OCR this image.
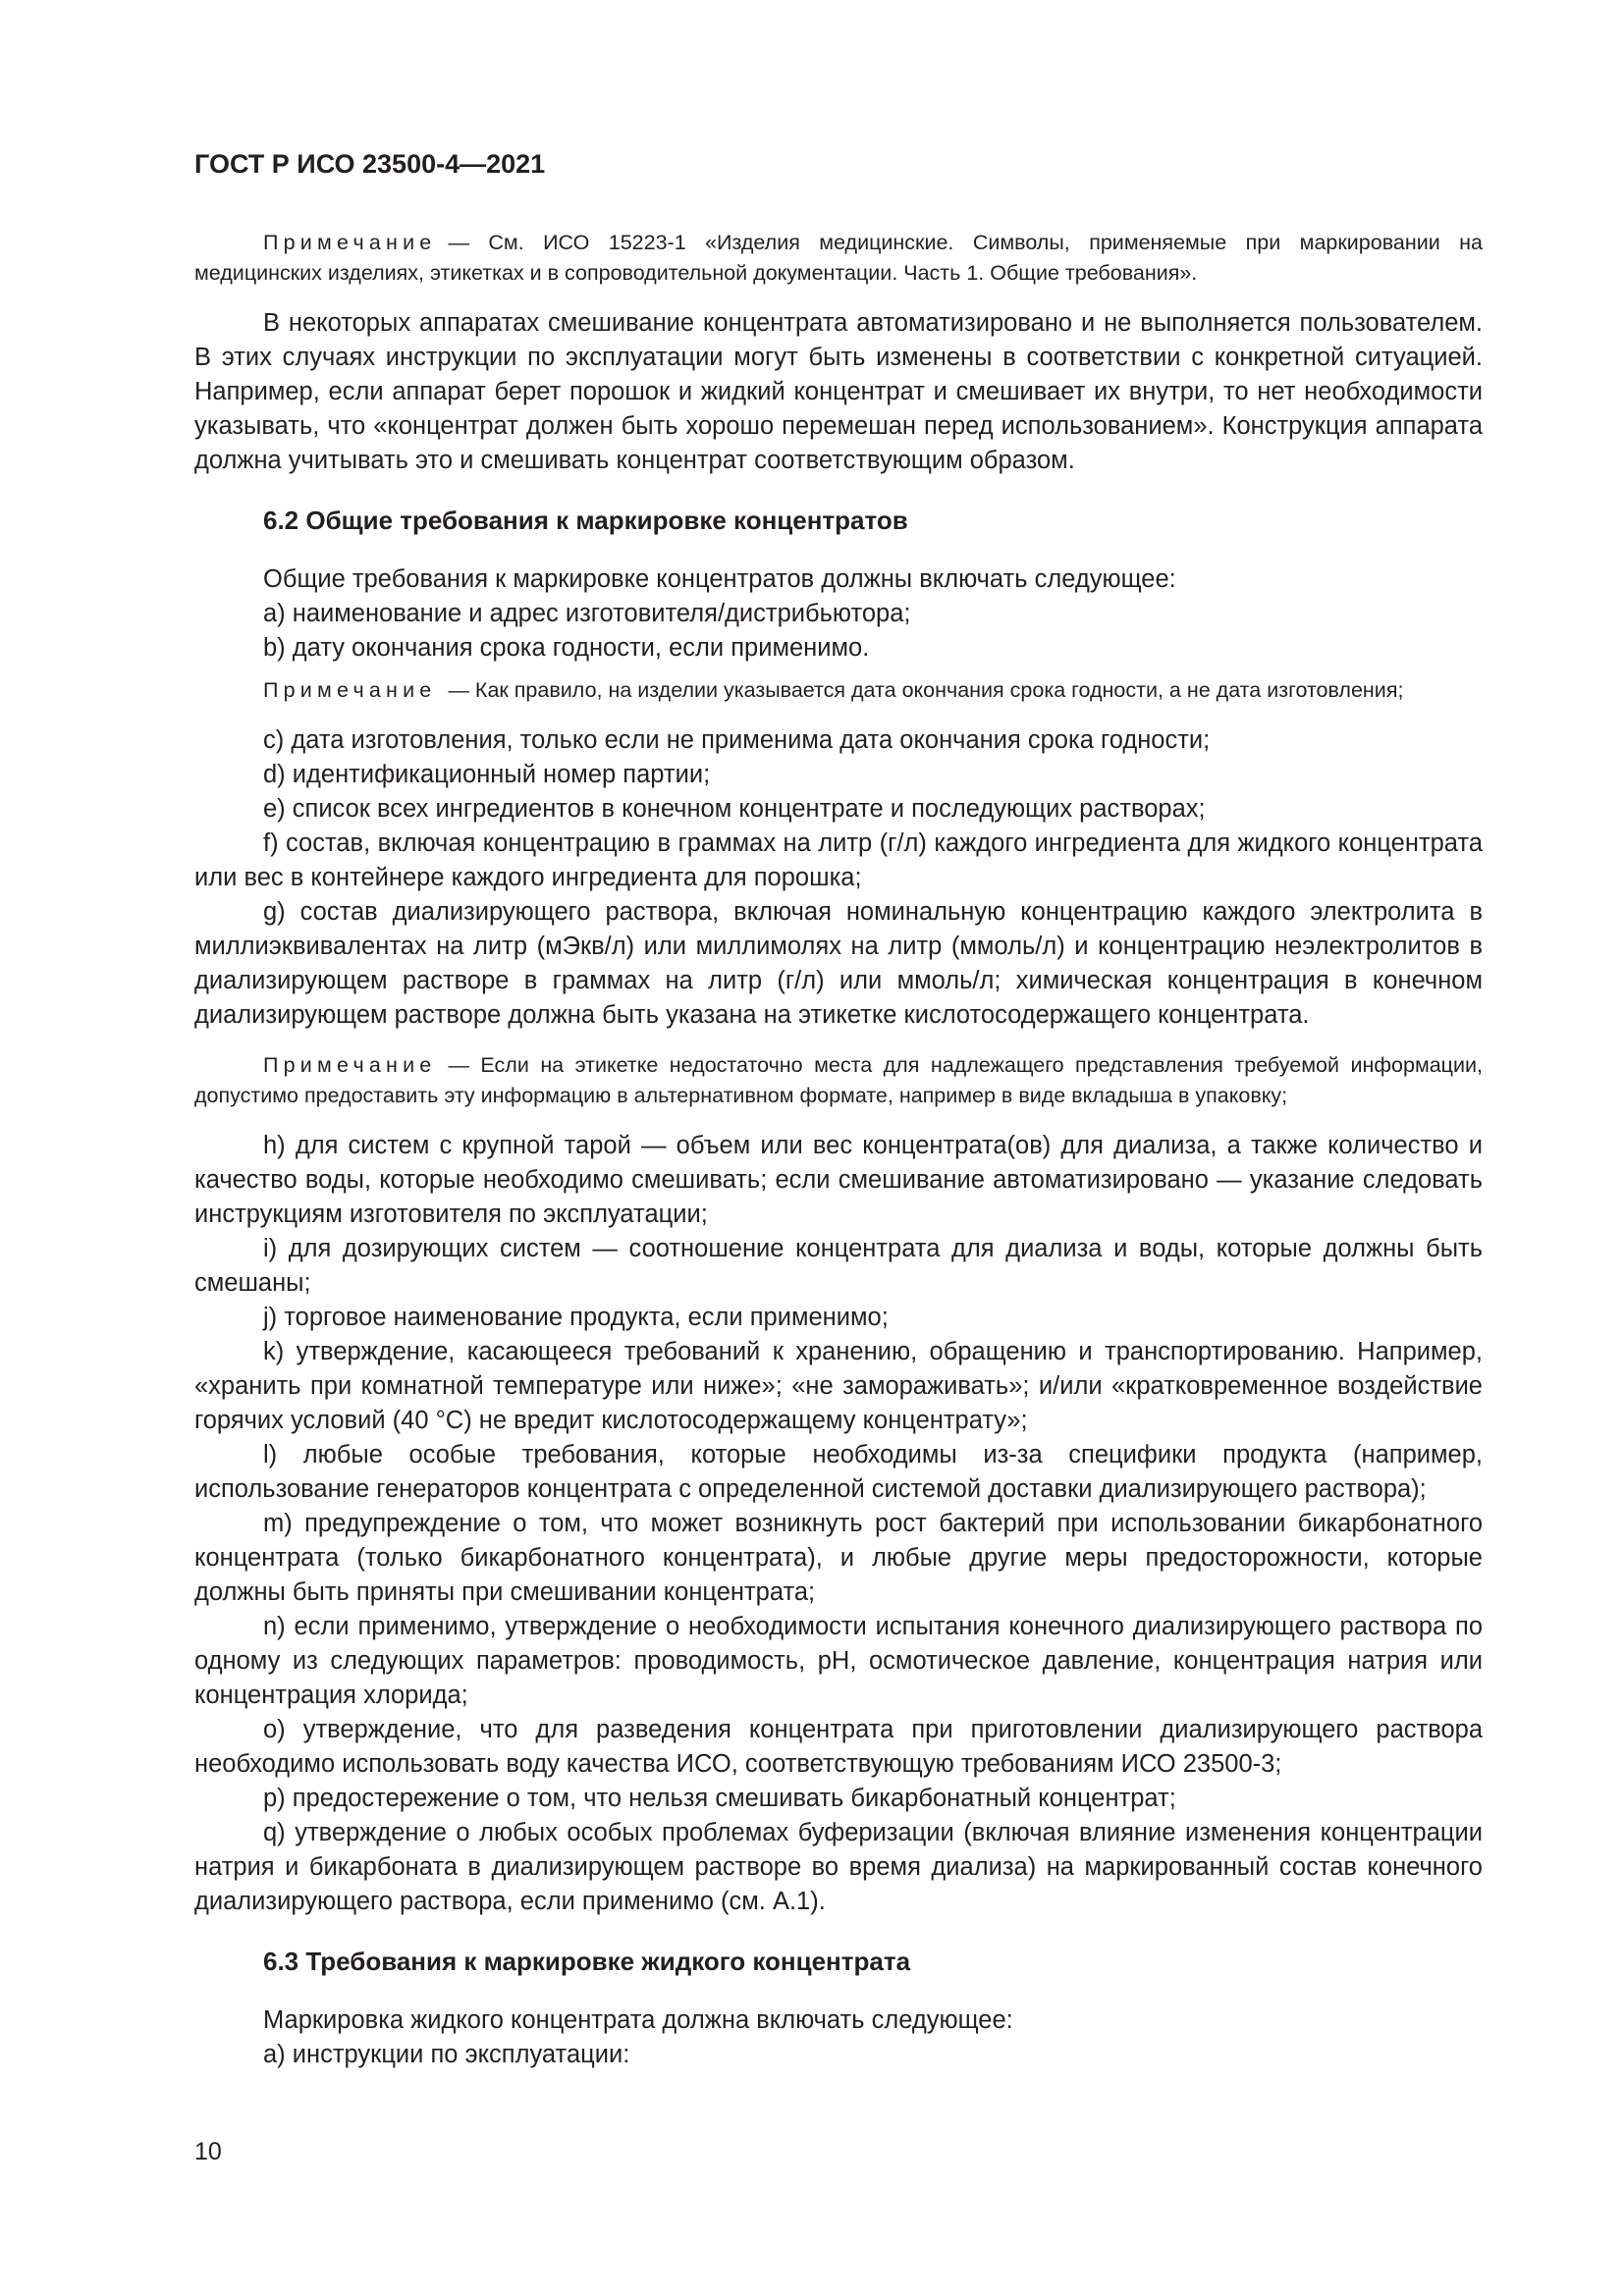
ГОСТ Р ИСО 23500-4—2021

Примечание — См. ИСО 15223-1 «Изделия медицинские. Символы, применяемые при маркировании на медицинских изделиях, этикетках и в сопроводительной документации. Часть 1. Общие требования».

В некоторых аппаратах смешивание концентрата автоматизировано и не выполняется пользователем. В этих случаях инструкции по эксплуатации могут быть изменены в соответствии с конкретной ситуацией. Например, если аппарат берет порошок и жидкий концентрат и смешивает их внутри, то нет необходимости указывать, что «концентрат должен быть хорошо перемешан перед использованием». Конструкция аппарата должна учитывать это и смешивать концентрат соответствующим образом.

6.2 Общие требования к маркировке концентратов

Общие требования к маркировке концентратов должны включать следующее:

a) наименование и адрес изготовителя/дистрибьютора;

b) дату окончания срока годности, если применимо.

Примечание — Как правило, на изделии указывается дата окончания срока годности, а не дата изготовления;

c) дата изготовления, только если не применима дата окончания срока годности;

d) идентификационный номер партии;

e) список всех ингредиентов в конечном концентрате и последующих растворах;

f) состав, включая концентрацию в граммах на литр (г/л) каждого ингредиента для жидкого концентрата или вес в контейнере каждого ингредиента для порошка;

g) состав диализирующего раствора, включая номинальную концентрацию каждого электролита в миллиэквивалентах на литр (мЭкв/л) или миллимолях на литр (ммоль/л) и концентрацию неэлектролитов в диализирующем растворе в граммах на литр (г/л) или ммоль/л; химическая концентрация в конечном диализирующем растворе должна быть указана на этикетке кислотосодержащего концентрата.

Примечание — Если на этикетке недостаточно места для надлежащего представления требуемой информации, допустимо предоставить эту информацию в альтернативном формате, например в виде вкладыша в упаковку;

h) для систем с крупной тарой — объем или вес концентрата(ов) для диализа, а также количество и качество воды, которые необходимо смешивать; если смешивание автоматизировано — указание следовать инструкциям изготовителя по эксплуатации;

i) для дозирующих систем — соотношение концентрата для диализа и воды, которые должны быть смешаны;

j) торговое наименование продукта, если применимо;

k) утверждение, касающееся требований к хранению, обращению и транспортированию. Например, «хранить при комнатной температуре или ниже»; «не замораживать»; и/или «кратковременное воздействие горячих условий (40 °C) не вредит кислотосодержащему концентрату»;

l) любые особые требования, которые необходимы из-за специфики продукта (например, использование генераторов концентрата с определенной системой доставки диализирующего раствора);

m) предупреждение о том, что может возникнуть рост бактерий при использовании бикарбонатного концентрата (только бикарбонатного концентрата), и любые другие меры предосторожности, которые должны быть приняты при смешивании концентрата;

n) если применимо, утверждение о необходимости испытания конечного диализирующего раствора по одному из следующих параметров: проводимость, pH, осмотическое давление, концентрация натрия или концентрация хлорида;

o) утверждение, что для разведения концентрата при приготовлении диализирующего раствора необходимо использовать воду качества ИСО, соответствующую требованиям ИСО 23500-3;

p) предостережение о том, что нельзя смешивать бикарбонатный концентрат;

q) утверждение о любых особых проблемах буферизации (включая влияние изменения концентрации натрия и бикарбоната в диализирующем растворе во время диализа) на маркированный состав конечного диализирующего раствора, если применимо (см. А.1).

6.3 Требования к маркировке жидкого концентрата

Маркировка жидкого концентрата должна включать следующее:

a) инструкции по эксплуатации:

10
